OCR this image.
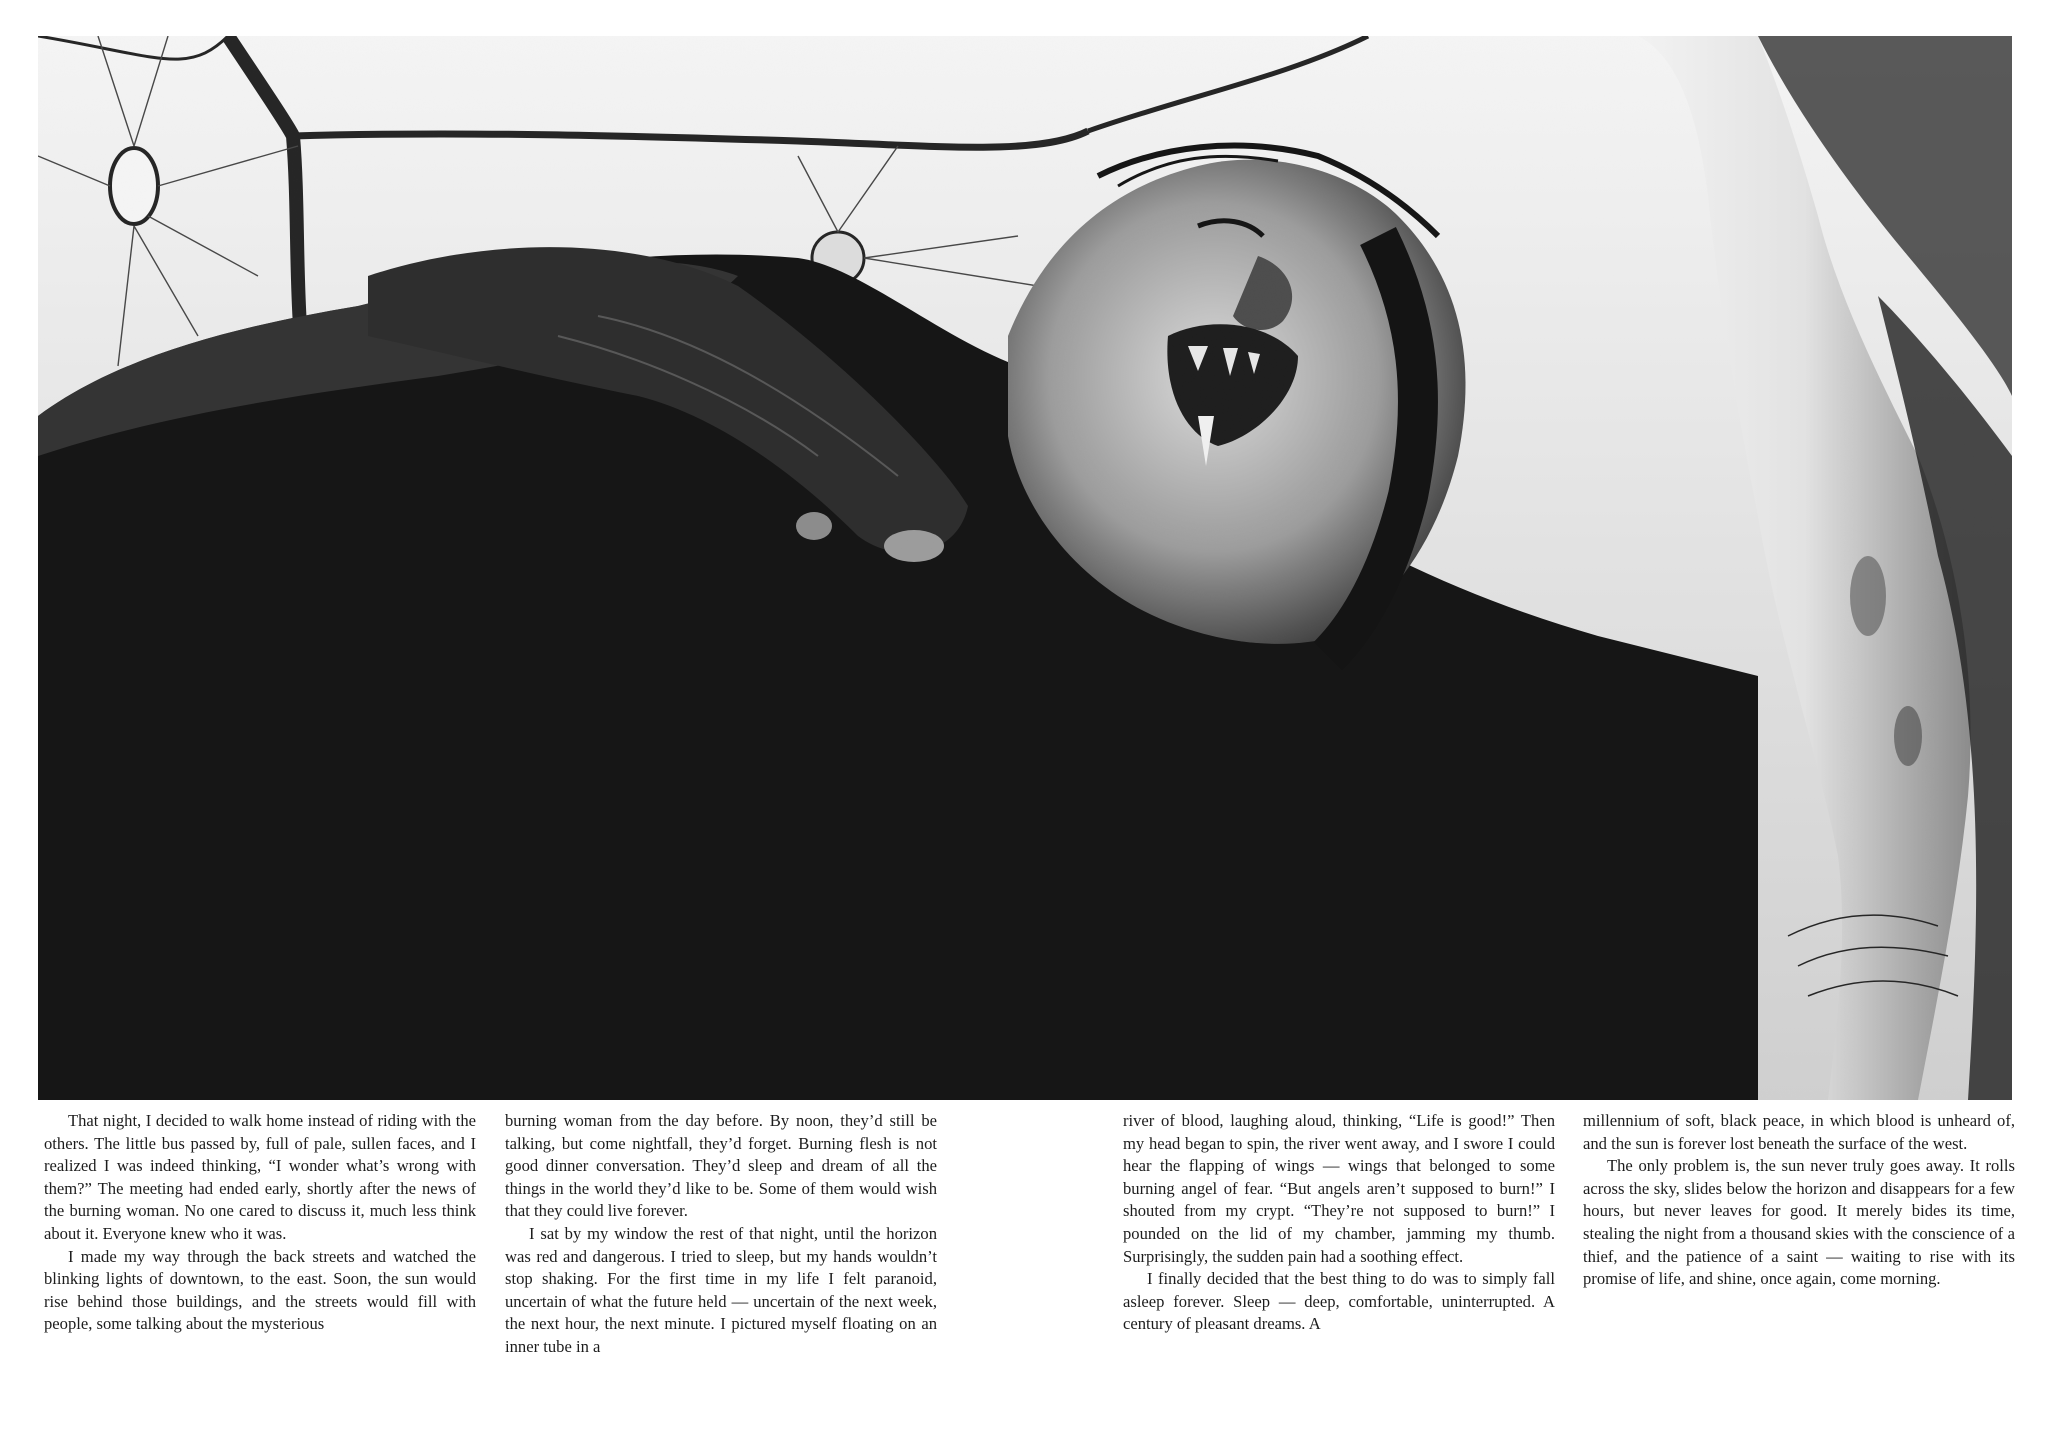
That night, I decided to walk home instead of riding with the others. The little bus passed by, full of pale, sullen faces, and I realized I was indeed thinking, “I wonder what’s wrong with them?” The meeting had ended early, shortly after the news of the burning woman. No one cared to discuss it, much less think about it. Everyone knew who it was.

I made my way through the back streets and watched the blinking lights of downtown, to the east. Soon, the sun would rise behind those buildings, and the streets would fill with people, some talking about the mysterious

burning woman from the day before. By noon, they’d still be talking, but come nightfall, they’d forget. Burning flesh is not good dinner conversation. They’d sleep and dream of all the things in the world they’d like to be. Some of them would wish that they could live forever.

I sat by my window the rest of that night, until the horizon was red and dangerous. I tried to sleep, but my hands wouldn’t stop shaking. For the first time in my life I felt paranoid, uncertain of what the future held — uncertain of the next week, the next hour, the next minute. I pictured myself floating on an inner tube in a

river of blood, laughing aloud, thinking, “Life is good!” Then my head began to spin, the river went away, and I swore I could hear the flapping of wings — wings that belonged to some burning angel of fear. “But angels aren’t supposed to burn!” I shouted from my crypt. “They’re not supposed to burn!” I pounded on the lid of my chamber, jamming my thumb. Surprisingly, the sudden pain had a soothing effect.

I finally decided that the best thing to do was to simply fall asleep forever. Sleep — deep, comfortable, uninterrupted. A century of pleasant dreams. A

millennium of soft, black peace, in which blood is unheard of, and the sun is forever lost beneath the surface of the west.

The only problem is, the sun never truly goes away. It rolls across the sky, slides below the horizon and disappears for a few hours, but never leaves for good. It merely bides its time, stealing the night from a thousand skies with the conscience of a thief, and the patience of a saint — waiting to rise with its promise of life, and shine, once again, come morning.
